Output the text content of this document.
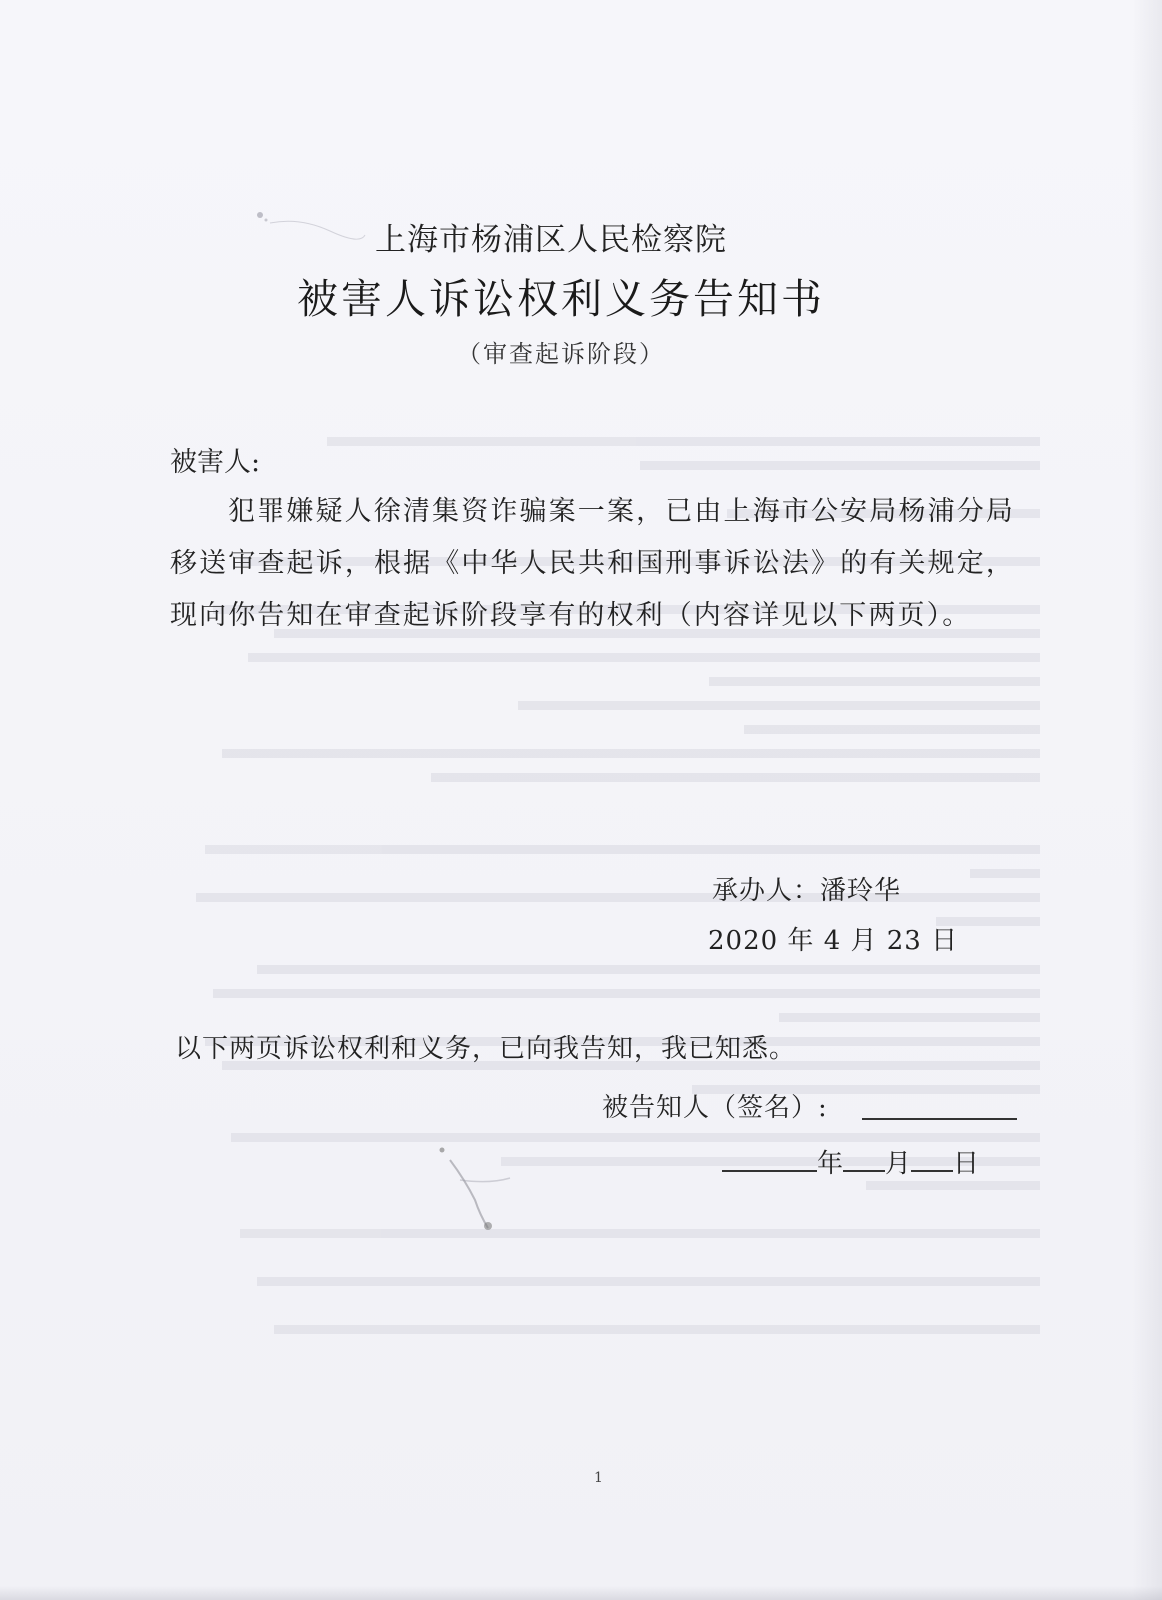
上海市杨浦区人民检察院
被害人诉讼权利义务告知书
（审查起诉阶段）
被害人:
犯罪嫌疑人徐清集资诈骗案一案，已由上海市公安局杨浦分局移送审查起诉，根据《中华人民共和国刑事诉讼法》的有关规定，现向你告知在审查起诉阶段享有的权利（内容详见以下两页）。
承办人：潘玲华
2020 年 4 月 23 日
以下两页诉讼权利和义务，已向我告知，我已知悉。
被告知人（签名）:
年 月 日
1
